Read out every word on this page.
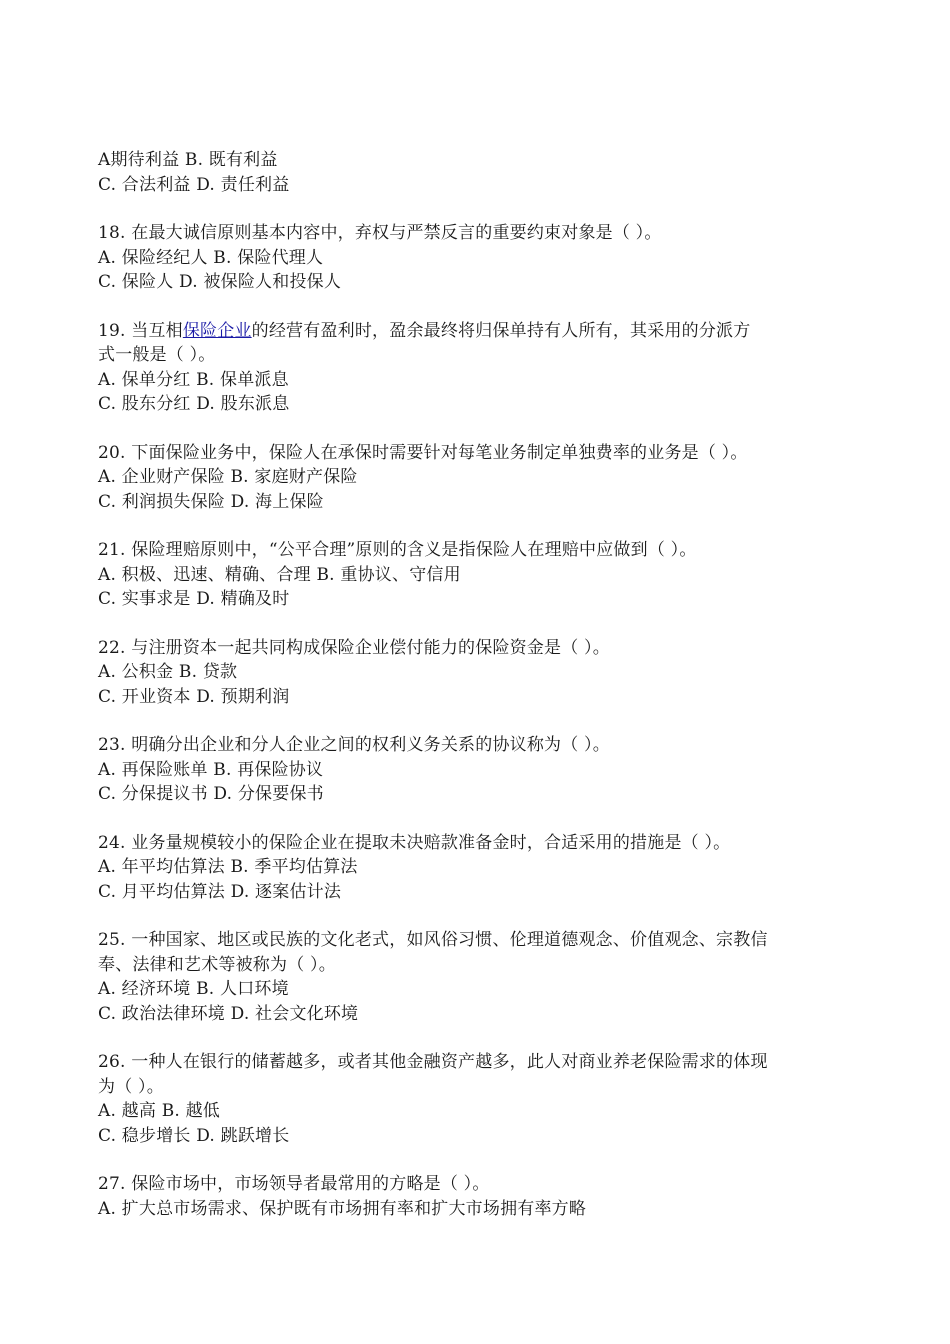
A期待利益 B. 既有利益
C. 合法利益 D. 责任利益
18. 在最大诚信原则基本内容中，弃权与严禁反言的重要约束对象是（ ）。
A. 保险经纪人 B. 保险代理人
C. 保险人 D. 被保险人和投保人
19. 当互相保险企业的经营有盈利时，盈余最终将归保单持有人所有，其采用的分派方
式一般是（ ）。
A. 保单分红 B. 保单派息
C. 股东分红 D. 股东派息
20. 下面保险业务中，保险人在承保时需要针对每笔业务制定单独费率的业务是（ ）。
A. 企业财产保险 B. 家庭财产保险
C. 利润损失保险 D. 海上保险
21. 保险理赔原则中，“公平合理”原则的含义是指保险人在理赔中应做到（ ）。
A. 积极、迅速、精确、合理 B. 重协议、守信用
C. 实事求是 D. 精确及时
22. 与注册资本一起共同构成保险企业偿付能力的保险资金是（ ）。
A. 公积金 B. 贷款
C. 开业资本 D. 预期利润
23. 明确分出企业和分人企业之间的权利义务关系的协议称为（ ）。
A. 再保险账单 B. 再保险协议
C. 分保提议书 D. 分保要保书
24. 业务量规模较小的保险企业在提取未决赔款准备金时，合适采用的措施是（ ）。
A. 年平均估算法 B. 季平均估算法
C. 月平均估算法 D. 逐案估计法
25. 一种国家、地区或民族的文化老式，如风俗习惯、伦理道德观念、价值观念、宗教信
奉、法律和艺术等被称为（ ）。
A. 经济环境 B. 人口环境
C. 政治法律环境 D. 社会文化环境
26. 一种人在银行的储蓄越多，或者其他金融资产越多，此人对商业养老保险需求的体现
为（ ）。
A. 越高 B. 越低
C. 稳步增长 D. 跳跃增长
27. 保险市场中，市场领导者最常用的方略是（ ）。
A. 扩大总市场需求、保护既有市场拥有率和扩大市场拥有率方略
